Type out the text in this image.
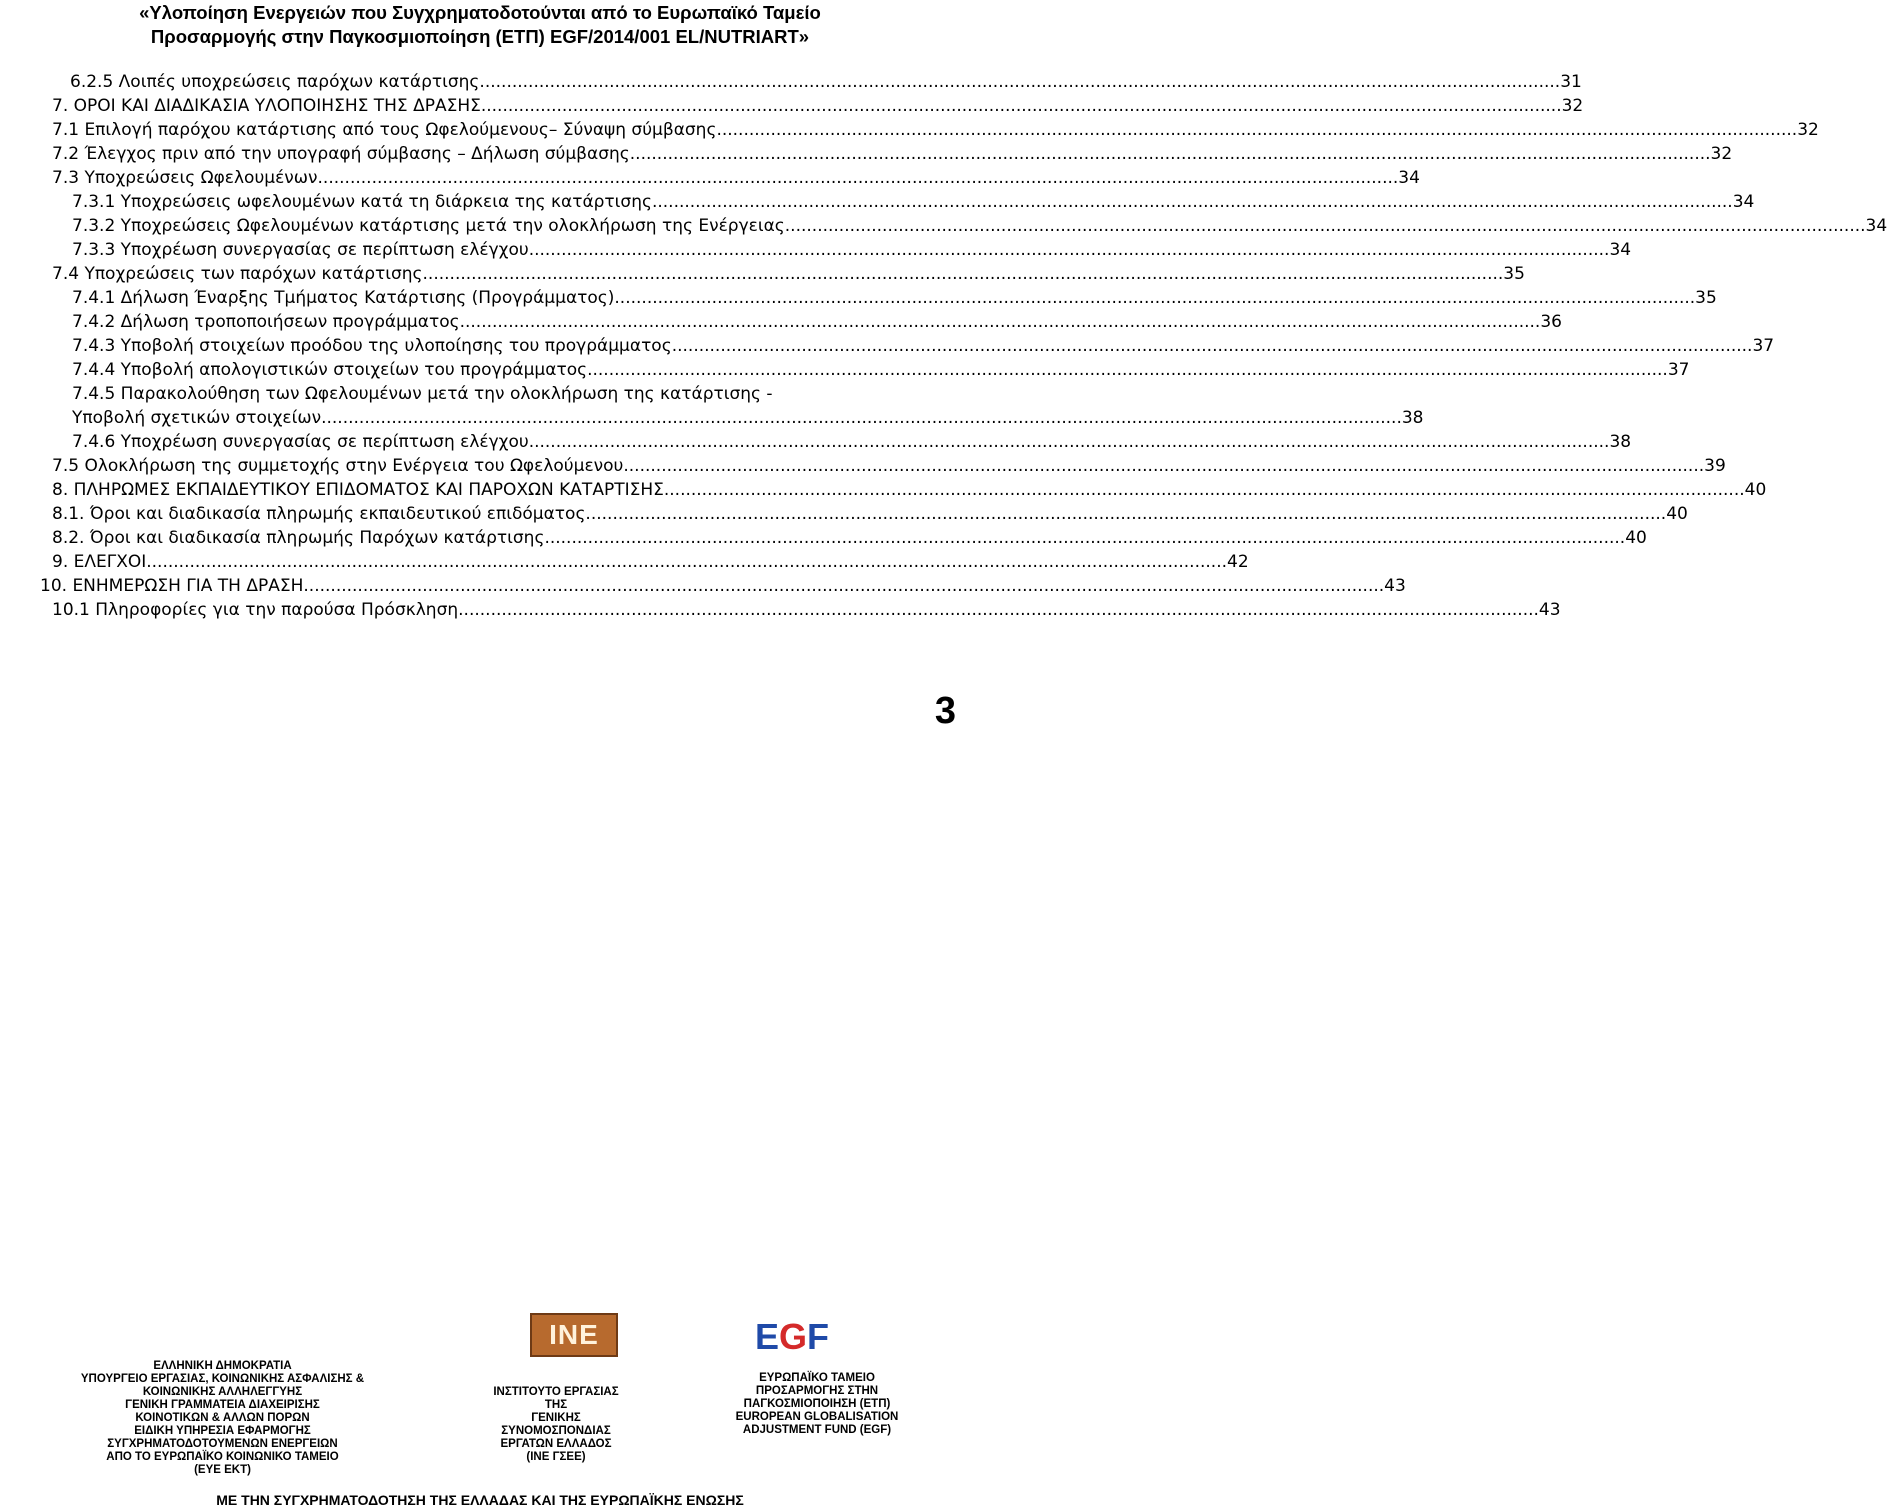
«Υλοποίηση Ενεργειών που Συγχρηματοδοτούνται από το Ευρωπαϊκό Ταμείο
Προσαρμογής στην Παγκοσμιοποίηση (ΕΤΠ) EGF/2014/001 EL/NUTRIART»
6.2.5 Λοιπές υποχρεώσεις παρόχων κατάρτισης .....	31
7. ΟΡΟΙ ΚΑΙ ΔΙΑΔΙΚΑΣΙΑ ΥΛΟΠΟΙΗΣΗΣ ΤΗΣ ΔΡΑΣΗΣ .....	32
7.1 Επιλογή παρόχου κατάρτισης από τους Ωφελούμενους– Σύναψη σύμβασης .....	32
7.2 Έλεγχος πριν από την υπογραφή σύμβασης – Δήλωση σύμβασης .....	32
7.3 Υποχρεώσεις Ωφελουμένων .....	34
7.3.1 Υποχρεώσεις ωφελουμένων κατά τη διάρκεια της κατάρτισης .....	34
7.3.2 Υποχρεώσεις Ωφελουμένων κατάρτισης μετά την ολοκλήρωση της Ενέργειας .....	34
7.3.3 Υποχρέωση συνεργασίας σε περίπτωση ελέγχου .....	34
7.4 Υποχρεώσεις των παρόχων κατάρτισης .....	35
7.4.1 Δήλωση Έναρξης Τμήματος Κατάρτισης (Προγράμματος) .....	35
7.4.2 Δήλωση τροποποιήσεων προγράμματος .....	36
7.4.3 Υποβολή στοιχείων προόδου της υλοποίησης του προγράμματος .....	37
7.4.4 Υποβολή απολογιστικών στοιχείων του προγράμματος .....	37
7.4.5 Παρακολούθηση των Ωφελουμένων μετά την ολοκλήρωση της κατάρτισης -
Υποβολή σχετικών στοιχείων .....	38
7.4.6 Υποχρέωση συνεργασίας σε περίπτωση ελέγχου .....	38
7.5 Ολοκλήρωση της συμμετοχής στην Ενέργεια του Ωφελούμενου .....	39
8. ΠΛΗΡΩΜΕΣ ΕΚΠΑΙΔΕΥΤΙΚΟΥ ΕΠΙΔΟΜΑΤΟΣ ΚΑΙ ΠΑΡΟΧΩΝ ΚΑΤΑΡΤΙΣΗΣ .....	40
8.1. Όροι και διαδικασία πληρωμής εκπαιδευτικού επιδόματος .....	40
8.2. Όροι και διαδικασία πληρωμής Παρόχων κατάρτισης .....	40
9. ΕΛΕΓΧΟΙ .....	42
10. ΕΝΗΜΕΡΩΣΗ ΓΙΑ ΤΗ ΔΡΑΣΗ .....	43
10.1 Πληροφορίες για την παρούσα Πρόσκληση .....	43
3
INE	E G F
ΕΛΛΗΝΙΚΗ ΔΗΜΟΚΡΑΤΙΑ
ΥΠΟΥΡΓΕΙΟ ΕΡΓΑΣΙΑΣ, ΚΟΙΝΩΝΙΚΗΣ ΑΣΦΑΛΙΣΗΣ &
ΚΟΙΝΩΝΙΚΗΣ ΑΛΛΗΛΕΓΓΥΗΣ
ΓΕΝΙΚΗ ΓΡΑΜΜΑΤΕΙΑ ΔΙΑΧΕΙΡΙΣΗΣ
ΚΟΙΝΟΤΙΚΩΝ & ΑΛΛΩΝ ΠΟΡΩΝ
ΕΙΔΙΚΗ ΥΠΗΡΕΣΙΑ ΕΦΑΡΜΟΓΗΣ
ΣΥΓΧΡΗΜΑΤΟΔΟΤΟΥΜΕΝΩΝ ΕΝΕΡΓΕΙΩΝ
ΑΠΟ ΤΟ ΕΥΡΩΠΑΪΚΟ ΚΟΙΝΩΝΙΚΟ ΤΑΜΕΙΟ
(ΕΥΕ ΕΚΤ)
ΙΝΣΤΙΤΟΥΤΟ ΕΡΓΑΣΙΑΣ
ΤΗΣ
ΓΕΝΙΚΗΣ
ΣΥΝΟΜΟΣΠΟΝΔΙΑΣ
ΕΡΓΑΤΩΝ ΕΛΛΑΔΟΣ
(INE ΓΣΕΕ)
ΕΥΡΩΠΑΪΚΟ ΤΑΜΕΙΟ
ΠΡΟΣΑΡΜΟΓΗΣ ΣΤΗΝ
ΠΑΓΚΟΣΜΙΟΠΟΙΗΣΗ (ΕΤΠ)
EUROPEAN GLOBALISATION
ADJUSTMENT FUND (EGF)
ΜΕ ΤΗΝ ΣΥΓΧΡΗΜΑΤΟΔΟΤΗΣΗ ΤΗΣ ΕΛΛΑΔΑΣ ΚΑΙ ΤΗΣ ΕΥΡΩΠΑΪΚΗΣ ΕΝΩΣΗΣ
